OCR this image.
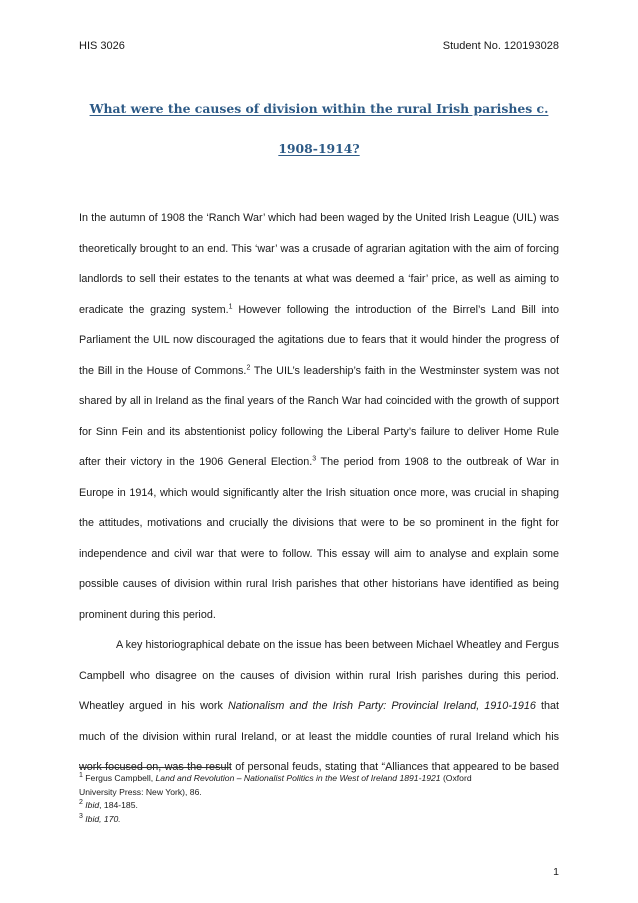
HIS 3026	Student No. 120193028
What were the causes of division within the rural Irish parishes c.
1908-1914?

In the autumn of 1908 the ‘Ranch War’ which had been waged by the United Irish League (UIL) was
theoretically brought to an end. This ‘war’ was a crusade of agrarian agitation with the aim of forcing
landlords to sell their estates to the tenants at what was deemed a ‘fair’ price, as well as aiming to
eradicate the grazing system.$^1$ However following the introduction of the Birrel’s Land Bill into
Parliament the UIL now discouraged the agitations due to fears that it would hinder the progress of
the Bill in the House of Commons.$^2$ The UIL’s leadership’s faith in the Westminster system was not
shared by all in Ireland as the final years of the Ranch War had coincided with the growth of support
for Sinn Fein and its abstentionist policy following the Liberal Party’s failure to deliver Home Rule
after their victory in the 1906 General Election.$^3$ The period from 1908 to the outbreak of War in
Europe in 1914, which would significantly alter the Irish situation once more, was crucial in shaping
the attitudes, motivations and crucially the divisions that were to be so prominent in the fight for
independence and civil war that were to follow. This essay will aim to analyse and explain some
possible causes of division within rural Irish parishes that other historians have identified as being
prominent during this period.

A key historiographical debate on the issue has been between Michael Wheatley and Fergus
Campbell who disagree on the causes of division within rural Irish parishes during this period.
Wheatley argued in his work Nationalism and the Irish Party: Provincial Ireland, 1910-1916 that
much of the division within rural Ireland, or at least the middle counties of rural Ireland which his
work focused on, was the result of personal feuds, stating that “Alliances that appeared to be based

$^1$ Fergus Campbell, Land and Revolution – Nationalist Politics in the West of Ireland 1891-1921 (Oxford
University Press: New York), 86.
$^2$ Ibid, 184-185.
$^3$ Ibid, 170.
1
